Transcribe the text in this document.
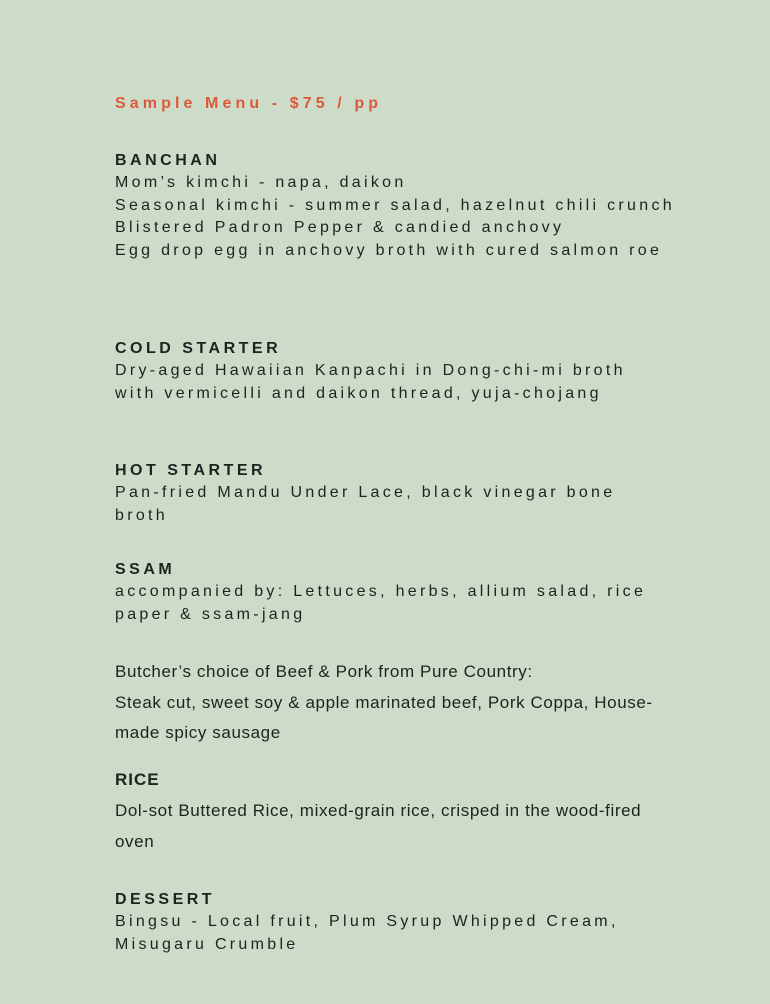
Sample Menu - $75 / pp
BANCHAN

Mom’s kimchi - napa, daikon

Seasonal kimchi - summer salad, hazelnut chili crunch

Blistered Padron Pepper & candied anchovy

Egg drop egg in anchovy broth with cured salmon roe

COLD STARTER

Dry-aged Hawaiian Kanpachi in Dong-chi-mi broth with vermicelli and daikon thread, yuja-chojang

HOT STARTER

Pan-fried Mandu Under Lace, black vinegar bone broth

SSAM

accompanied by: Lettuces, herbs, allium salad, rice paper & ssam-jang

Butcher’s choice of Beef & Pork from Pure Country:

Steak cut, sweet soy & apple marinated beef, Pork Coppa, House-made spicy sausage

RICE

Dol-sot Buttered Rice, mixed-grain rice, crisped in the wood-fired oven

DESSERT

Bingsu - Local fruit, Plum Syrup Whipped Cream, Misugaru Crumble
